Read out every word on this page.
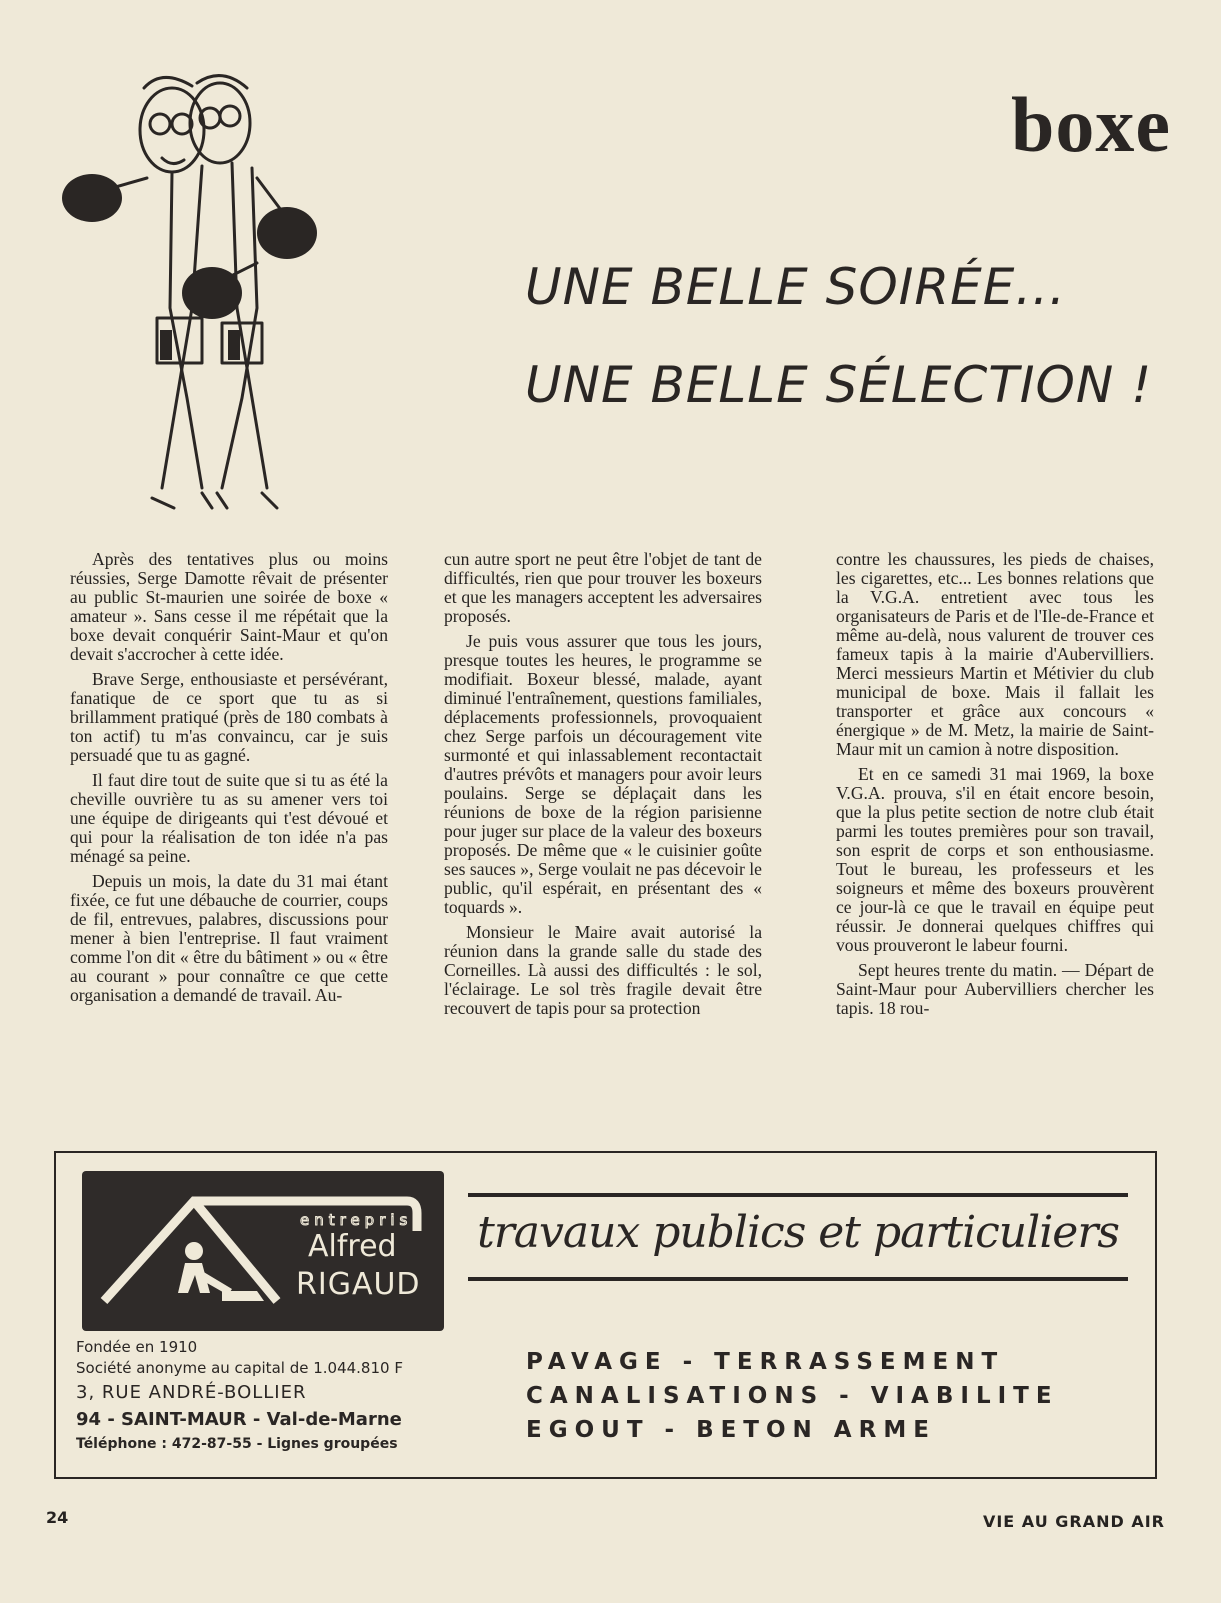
boxe
UNE BELLE SOIRÉE...
UNE BELLE SÉLECTION !

Après des tentatives plus ou moins réussies, Serge Damotte rêvait de présenter au public St-maurien une soirée de boxe « amateur ». Sans cesse il me répétait que la boxe devait conquérir Saint-Maur et qu'on devait s'accrocher à cette idée.

Brave Serge, enthousiaste et persévérant, fanatique de ce sport que tu as si brillamment pratiqué (près de 180 combats à ton actif) tu m'as convaincu, car je suis persuadé que tu as gagné.

Il faut dire tout de suite que si tu as été la cheville ouvrière tu as su amener vers toi une équipe de dirigeants qui t'est dévoué et qui pour la réalisation de ton idée n'a pas ménagé sa peine.

Depuis un mois, la date du 31 mai étant fixée, ce fut une débauche de courrier, coups de fil, entrevues, palabres, discussions pour mener à bien l'entreprise. Il faut vraiment comme l'on dit « être du bâtiment » ou « être au courant » pour connaître ce que cette organisation a demandé de travail. Au-

cun autre sport ne peut être l'objet de tant de difficultés, rien que pour trouver les boxeurs et que les managers acceptent les adversaires proposés.

Je puis vous assurer que tous les jours, presque toutes les heures, le programme se modifiait. Boxeur blessé, malade, ayant diminué l'entraînement, questions familiales, déplacements professionnels, provoquaient chez Serge parfois un découragement vite surmonté et qui inlassablement recontactait d'autres prévôts et managers pour avoir leurs poulains. Serge se déplaçait dans les réunions de boxe de la région parisienne pour juger sur place de la valeur des boxeurs proposés. De même que « le cuisinier goûte ses sauces », Serge voulait ne pas décevoir le public, qu'il espérait, en présentant des « toquards ».

Monsieur le Maire avait autorisé la réunion dans la grande salle du stade des Corneilles. Là aussi des difficultés : le sol, l'éclairage. Le sol très fragile devait être recouvert de tapis pour sa protection

contre les chaussures, les pieds de chaises, les cigarettes, etc... Les bonnes relations que la V.G.A. entretient avec tous les organisateurs de Paris et de l'Ile-de-France et même au-delà, nous valurent de trouver ces fameux tapis à la mairie d'Aubervilliers. Merci messieurs Martin et Métivier du club municipal de boxe. Mais il fallait les transporter et grâce aux concours « énergique » de M. Metz, la mairie de Saint-Maur mit un camion à notre disposition.

Et en ce samedi 31 mai 1969, la boxe V.G.A. prouva, s'il en était encore besoin, que la plus petite section de notre club était parmi les toutes premières pour son travail, son esprit de corps et son enthousiasme. Tout le bureau, les professeurs et les soigneurs et même des boxeurs prouvèrent ce jour-là ce que le travail en équipe peut réussir. Je donnerai quelques chiffres qui vous prouveront le labeur fourni.

Sept heures trente du matin. — Départ de Saint-Maur pour Aubervilliers chercher les tapis. 18 rou-

entreprise
Alfred
RIGAUD
travaux publics et particuliers
Fondée en 1910
Société anonyme au capital de 1.044.810 F
3, RUE ANDRÉ-BOLLIER
94 - SAINT-MAUR - Val-de-Marne
Téléphone : 472-87-55 - Lignes groupées
PAVAGE - TERRASSEMENT
CANALISATIONS - VIABILITE
EGOUT - BETON ARME
24	VIE AU GRAND AIR
